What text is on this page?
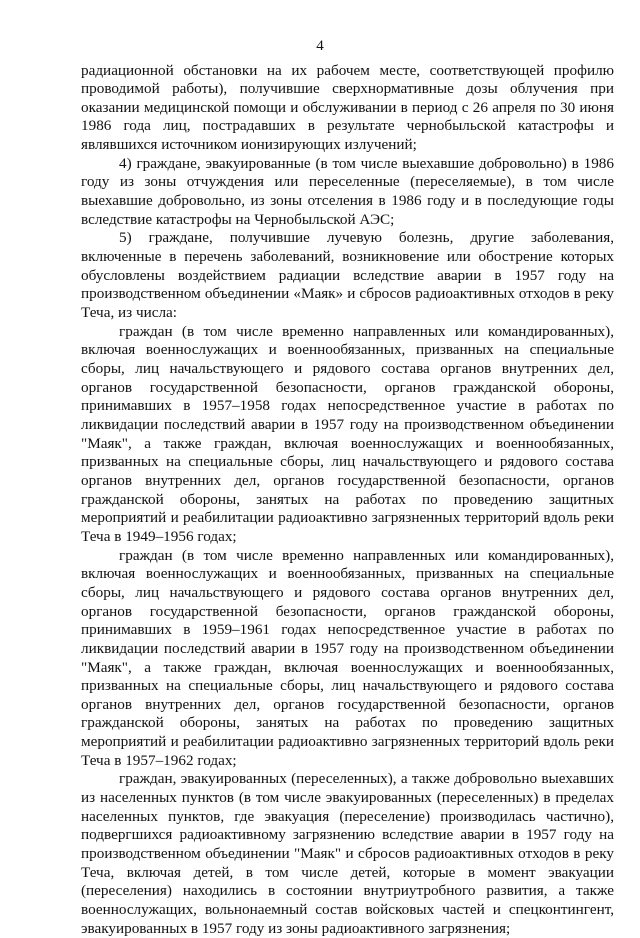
4

радиационной обстановки на их рабочем месте, соответствующей профилю проводимой работы), получившие сверхнормативные дозы облучения при оказании медицинской помощи и обслуживании в период с 26 апреля по 30 июня 1986 года лиц, пострадавших в результате чернобыльской катастрофы и являвшихся источником ионизирующих излучений;

4) граждане, эвакуированные (в том числе выехавшие добровольно) в 1986 году из зоны отчуждения или переселенные (переселяемые), в том числе выехавшие добровольно, из зоны отселения в 1986 году и в последующие годы вследствие катастрофы на Чернобыльской АЭС;

5) граждане, получившие лучевую болезнь, другие заболевания, включенные в перечень заболеваний, возникновение или обострение которых обусловлены воздействием радиации вследствие аварии в 1957 году на производственном объединении «Маяк» и сбросов радиоактивных отходов в реку Теча, из числа:

граждан (в том числе временно направленных или командированных), включая военнослужащих и военнообязанных, призванных на специальные сборы, лиц начальствующего и рядового состава органов внутренних дел, органов государственной безопасности, органов гражданской обороны, принимавших в 1957–1958 годах непосредственное участие в работах по ликвидации последствий аварии в 1957 году на производственном объединении "Маяк", а также граждан, включая военнослужащих и военнообязанных, призванных на специальные сборы, лиц начальствующего и рядового состава органов внутренних дел, органов государственной безопасности, органов гражданской обороны, занятых на работах по проведению защитных мероприятий и реабилитации радиоактивно загрязненных территорий вдоль реки Теча в 1949–1956 годах;

граждан (в том числе временно направленных или командированных), включая военнослужащих и военнообязанных, призванных на специальные сборы, лиц начальствующего и рядового состава органов внутренних дел, органов государственной безопасности, органов гражданской обороны, принимавших в 1959–1961 годах непосредственное участие в работах по ликвидации последствий аварии в 1957 году на производственном объединении "Маяк", а также граждан, включая военнослужащих и военнообязанных, призванных на специальные сборы, лиц начальствующего и рядового состава органов внутренних дел, органов государственной безопасности, органов гражданской обороны, занятых на работах по проведению защитных мероприятий и реабилитации радиоактивно загрязненных территорий вдоль реки Теча в 1957–1962 годах;

граждан, эвакуированных (переселенных), а также добровольно выехавших из населенных пунктов (в том числе эвакуированных (переселенных) в пределах населенных пунктов, где эвакуация (переселение) производилась частично), подвергшихся радиоактивному загрязнению вследствие аварии в 1957 году на производственном объединении "Маяк" и сбросов радиоактивных отходов в реку Теча, включая детей, в том числе детей, которые в момент эвакуации (переселения) находились в состоянии внутриутробного развития, а также военнослужащих, вольнонаемный состав войсковых частей и спецконтингент, эвакуированных в 1957 году из зоны радиоактивного загрязнения;
